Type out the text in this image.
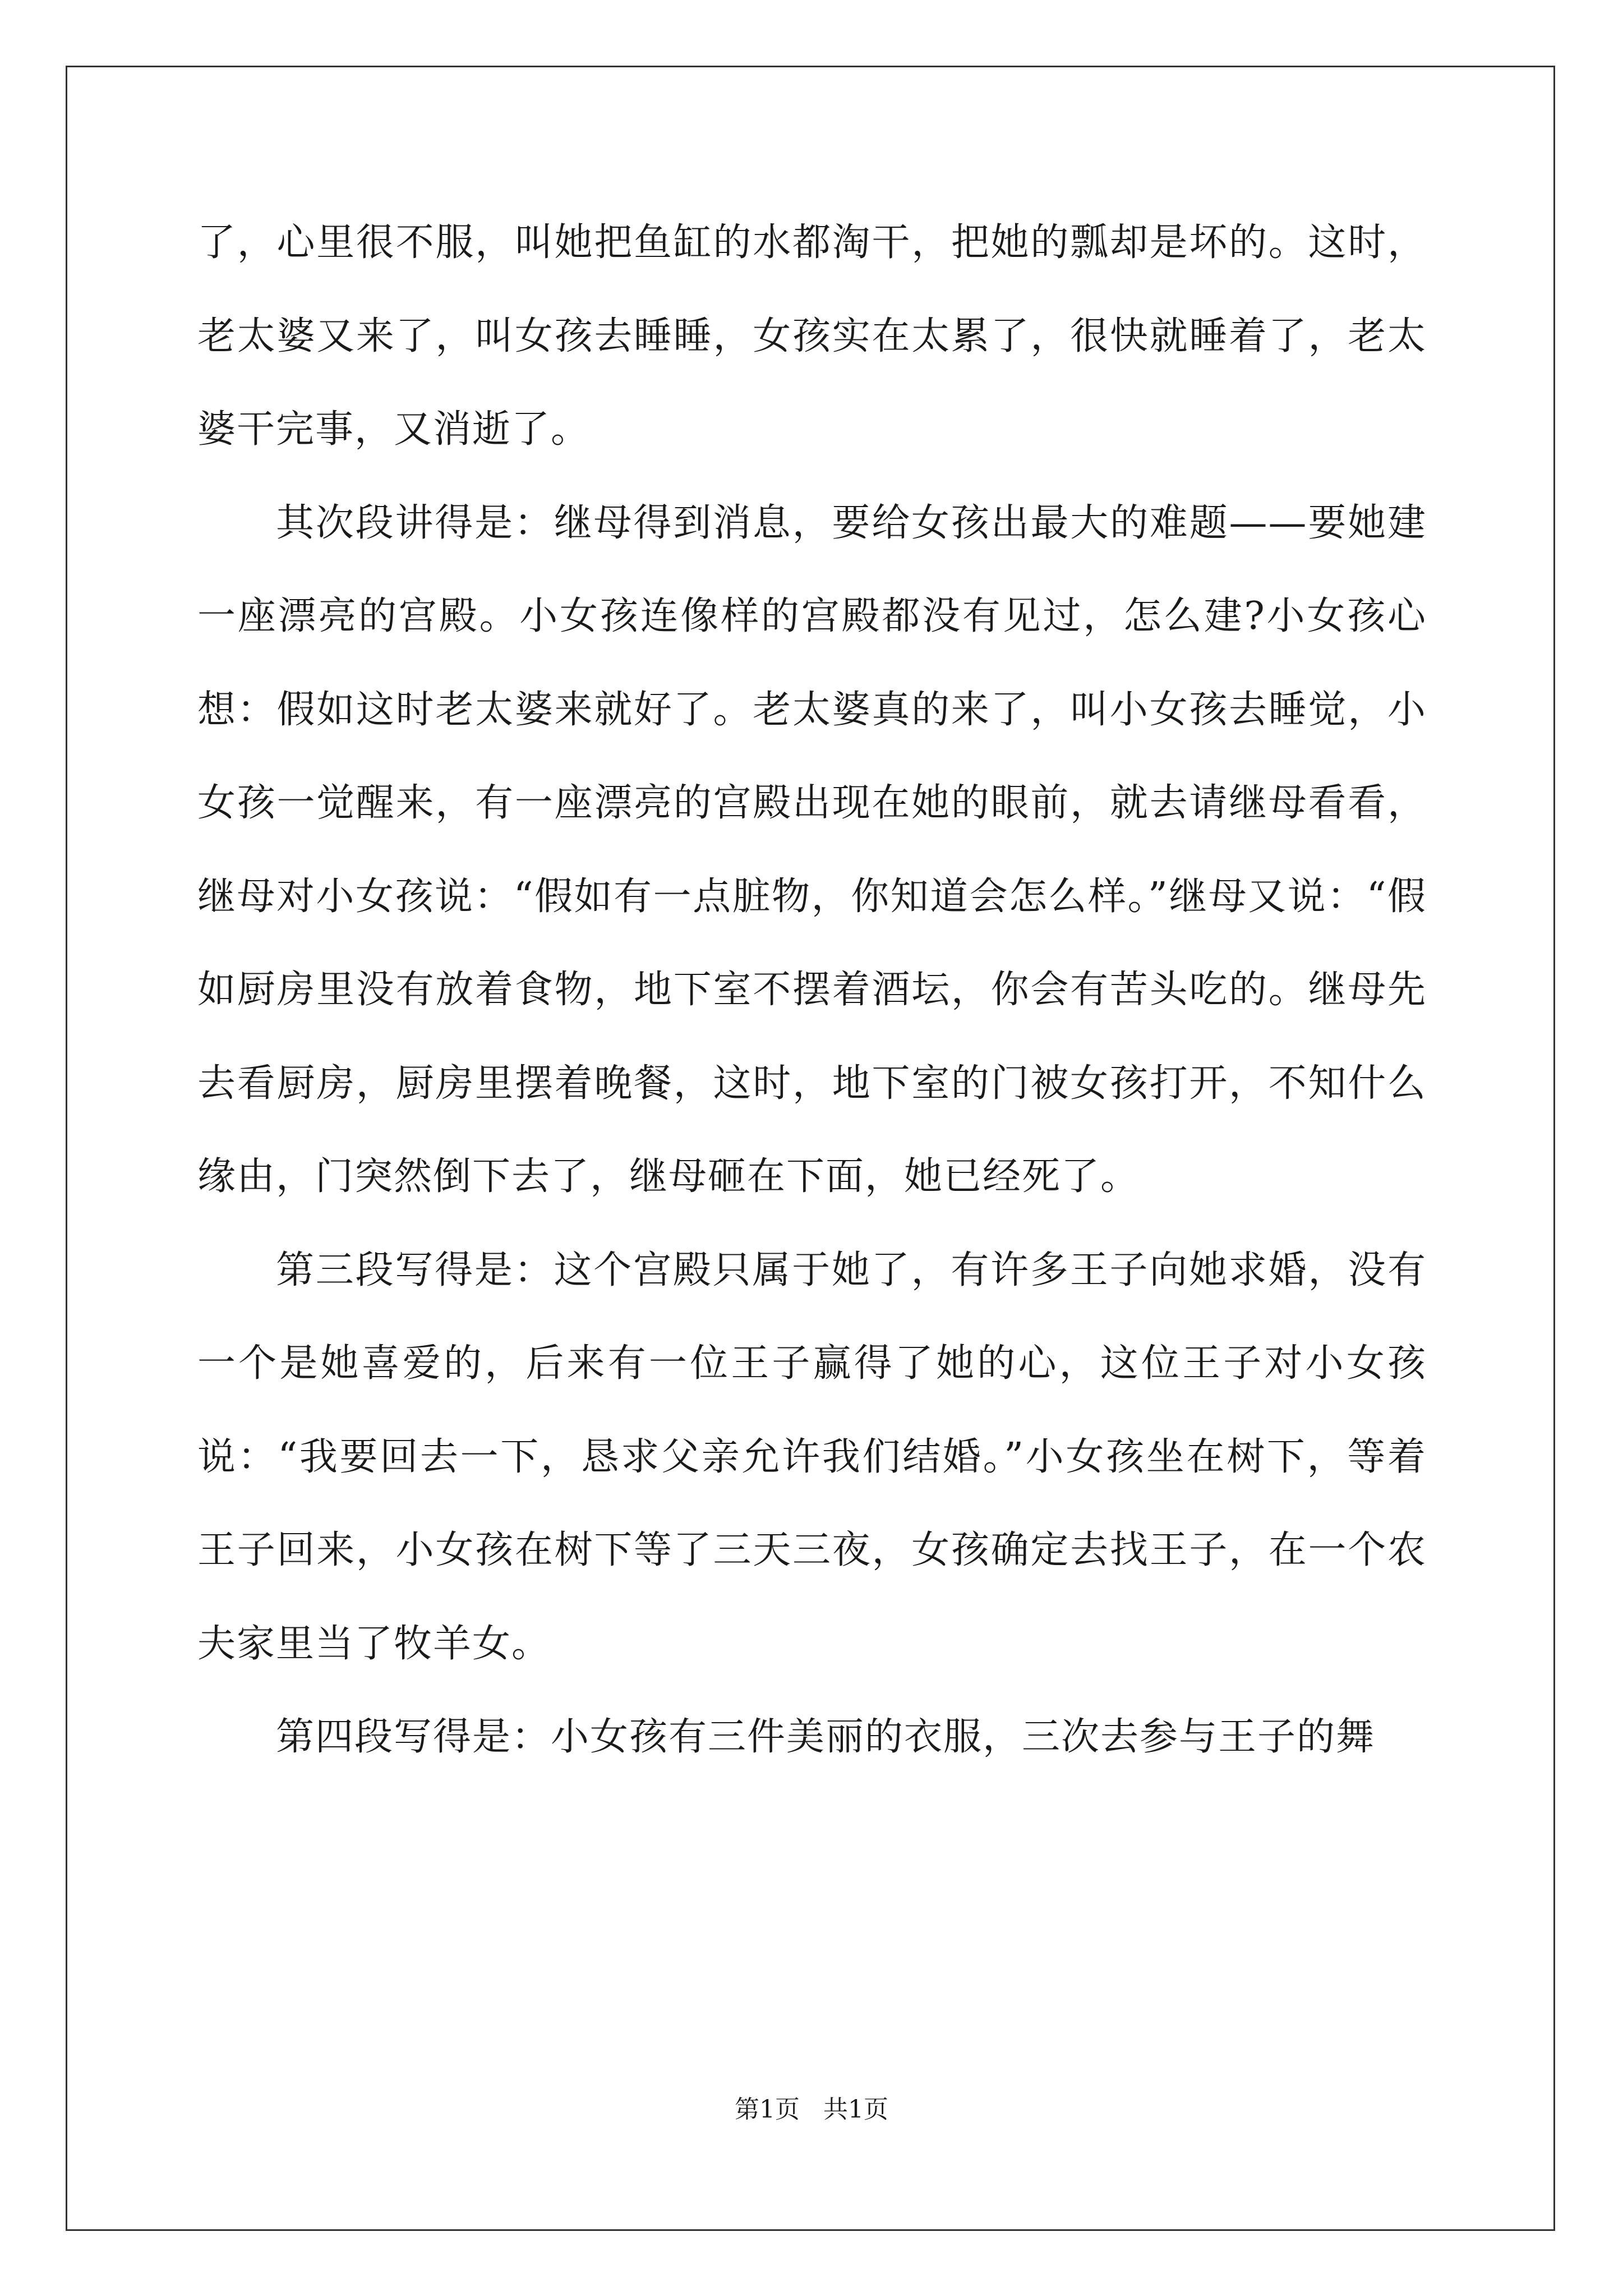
了，心里很不服，叫她把鱼缸的水都淘干，把她的瓢却是坏的。这时，老太婆又来了，叫女孩去睡睡，女孩实在太累了，很快就睡着了，老太婆干完事，又消逝了。

其次段讲得是：继母得到消息，要给女孩出最大的难题——要她建一座漂亮的宫殿。小女孩连像样的宫殿都没有见过，怎么建?小女孩心想：假如这时老太婆来就好了。老太婆真的来了，叫小女孩去睡觉，小女孩一觉醒来，有一座漂亮的宫殿出现在她的眼前，就去请继母看看，继母对小女孩说：“假如有一点脏物，你知道会怎么样。”继母又说：“假如厨房里没有放着食物，地下室不摆着酒坛，你会有苦头吃的。继母先去看厨房，厨房里摆着晚餐，这时，地下室的门被女孩打开，不知什么缘由，门突然倒下去了，继母砸在下面，她已经死了。

第三段写得是：这个宫殿只属于她了，有许多王子向她求婚，没有一个是她喜爱的，后来有一位王子赢得了她的心，这位王子对小女孩说：“我要回去一下，恳求父亲允许我们结婚。”小女孩坐在树下，等着王子回来，小女孩在树下等了三天三夜，女孩确定去找王子，在一个农夫家里当了牧羊女。

第四段写得是：小女孩有三件美丽的衣服，三次去参与王子的舞

第1页   共1页
